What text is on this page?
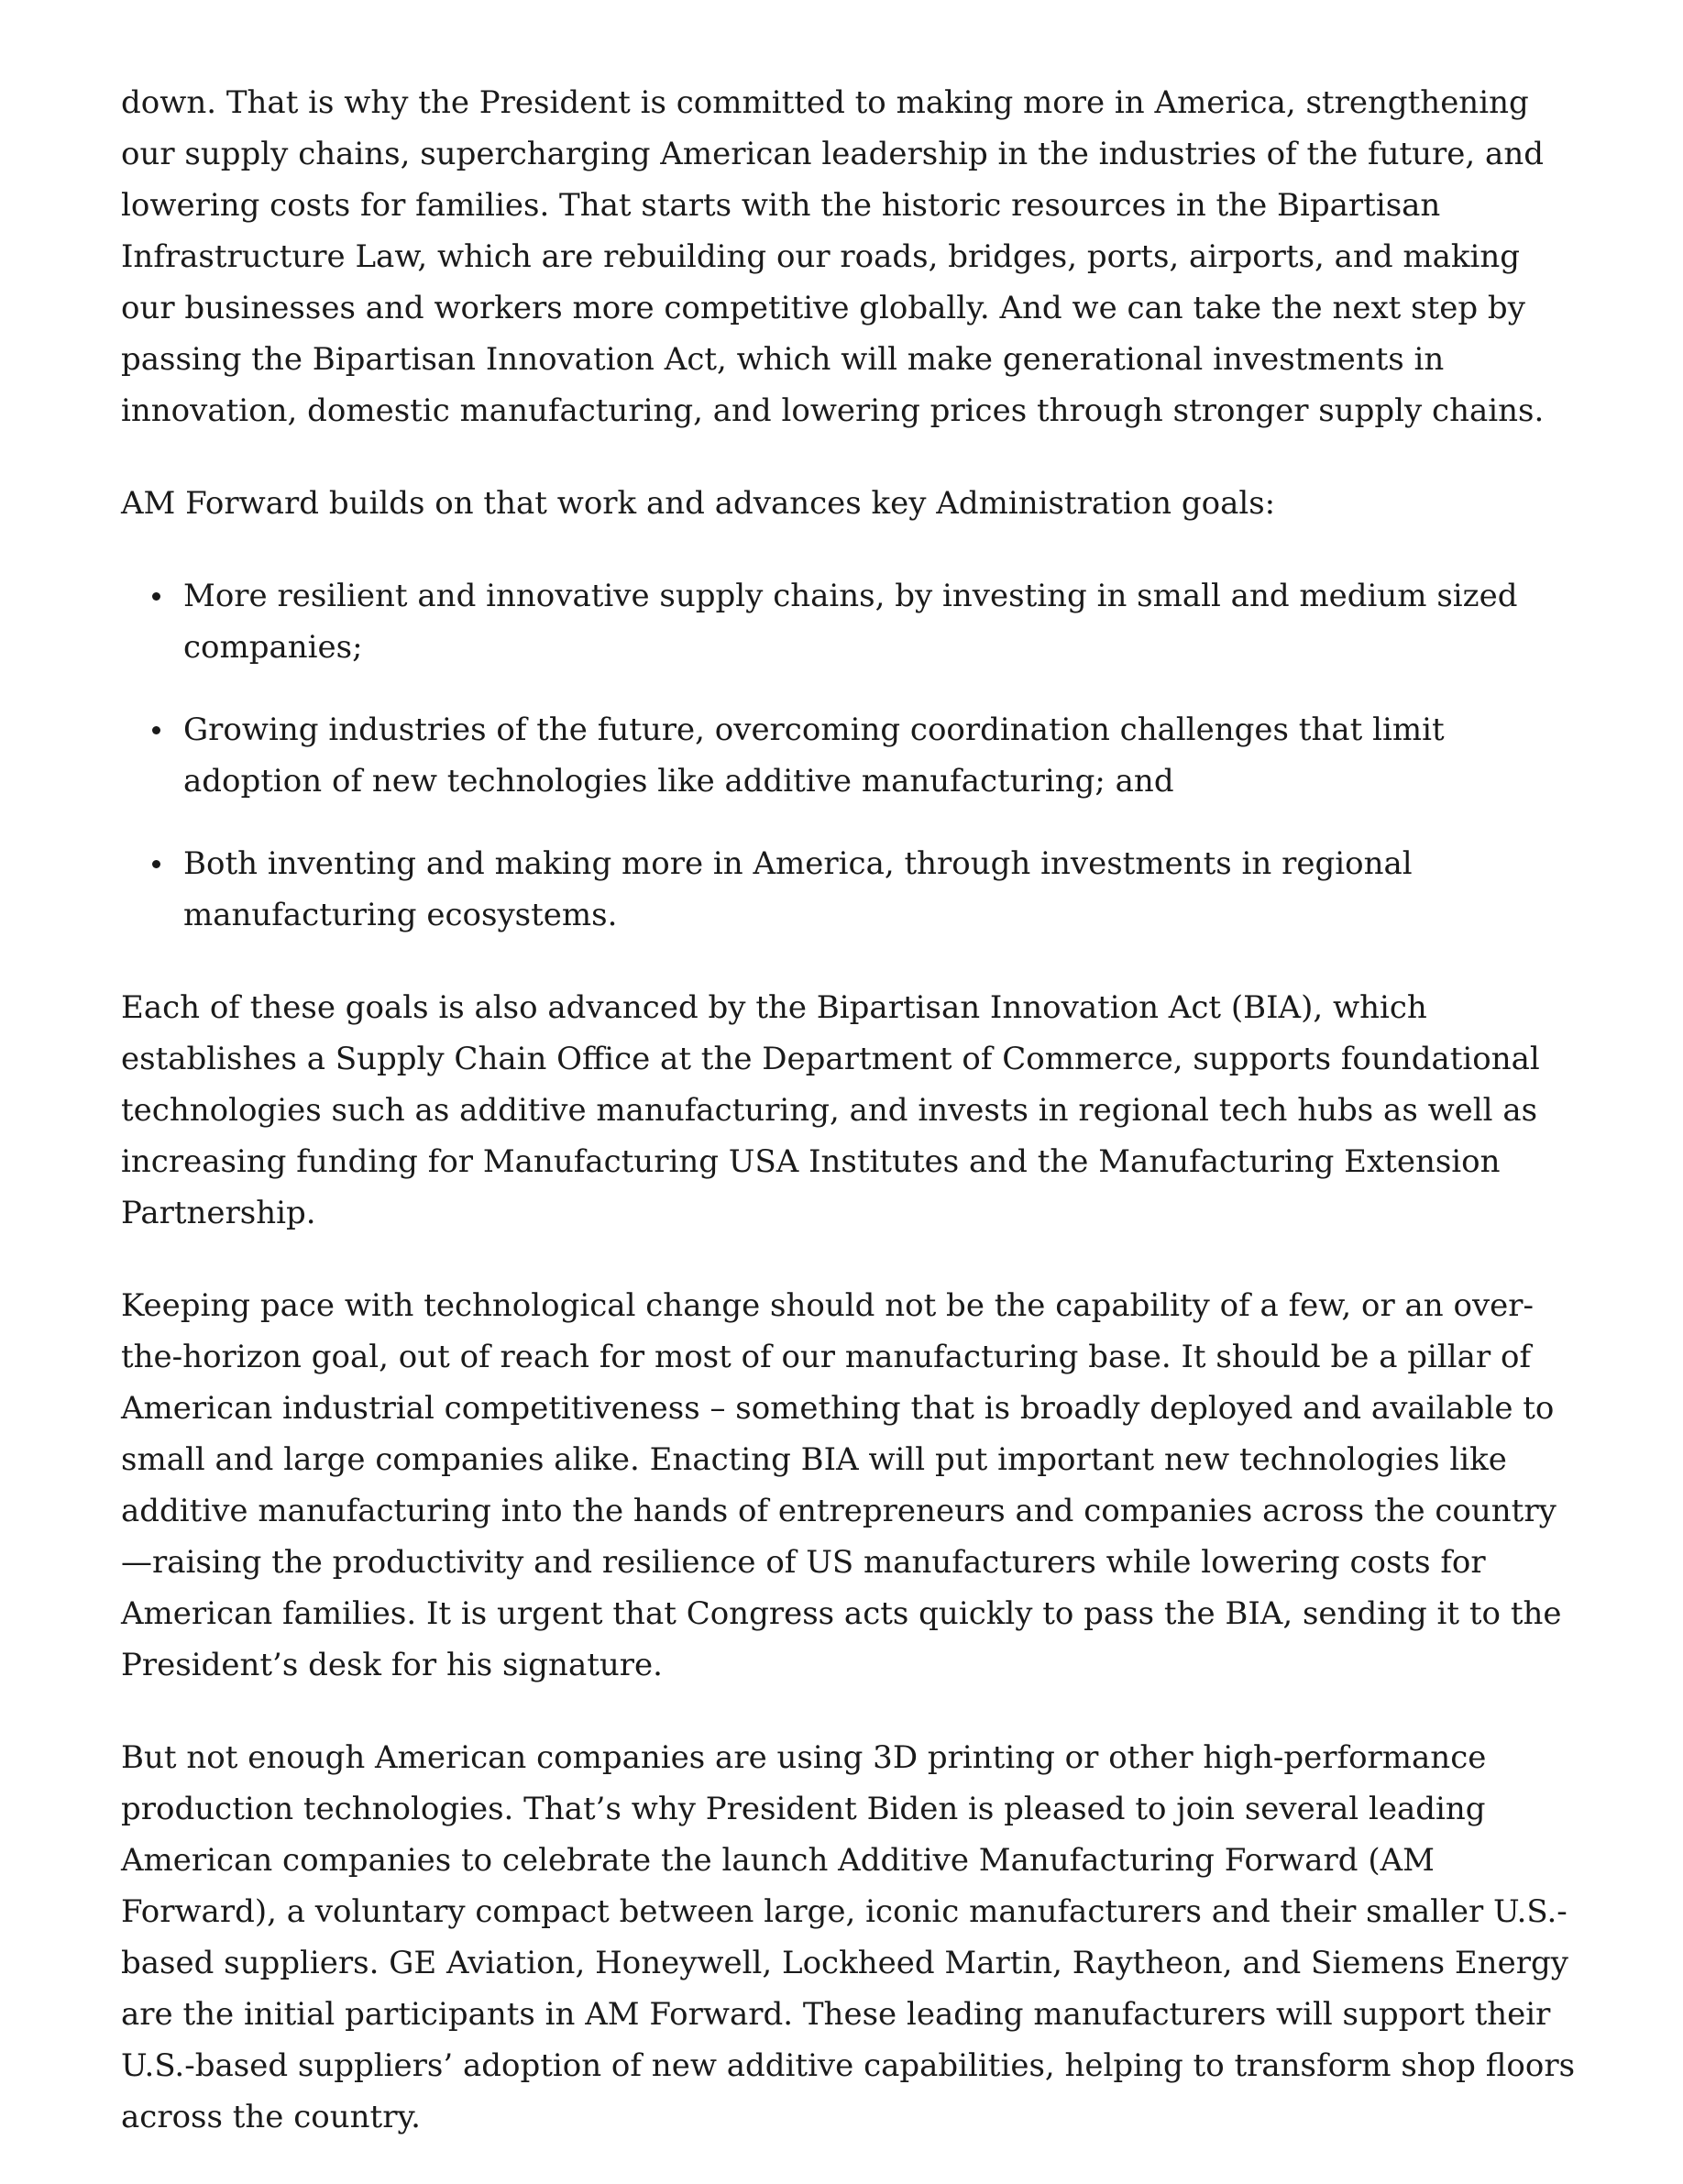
down. That is why the President is committed to making more in America, strengthening our supply chains, supercharging American leadership in the industries of the future, and lowering costs for families. That starts with the historic resources in the Bipartisan Infrastructure Law, which are rebuilding our roads, bridges, ports, airports, and making our businesses and workers more competitive globally. And we can take the next step by passing the Bipartisan Innovation Act, which will make generational investments in innovation, domestic manufacturing, and lowering prices through stronger supply chains.

AM Forward builds on that work and advances key Administration goals:

More resilient and innovative supply chains, by investing in small and medium sized companies;
Growing industries of the future, overcoming coordination challenges that limit adoption of new technologies like additive manufacturing; and
Both inventing and making more in America, through investments in regional manufacturing ecosystems.

Each of these goals is also advanced by the Bipartisan Innovation Act (BIA), which establishes a Supply Chain Office at the Department of Commerce, supports foundational technologies such as additive manufacturing, and invests in regional tech hubs as well as increasing funding for Manufacturing USA Institutes and the Manufacturing Extension Partnership.

Keeping pace with technological change should not be the capability of a few, or an over-the-horizon goal, out of reach for most of our manufacturing base. It should be a pillar of American industrial competitiveness – something that is broadly deployed and available to small and large companies alike. Enacting BIA will put important new technologies like additive manufacturing into the hands of entrepreneurs and companies across the country—raising the productivity and resilience of US manufacturers while lowering costs for American families. It is urgent that Congress acts quickly to pass the BIA, sending it to the President’s desk for his signature.

But not enough American companies are using 3D printing or other high-performance production technologies. That’s why President Biden is pleased to join several leading American companies to celebrate the launch Additive Manufacturing Forward (AM Forward), a voluntary compact between large, iconic manufacturers and their smaller U.S.-based suppliers. GE Aviation, Honeywell, Lockheed Martin, Raytheon, and Siemens Energy are the initial participants in AM Forward. These leading manufacturers will support their U.S.-based suppliers’ adoption of new additive capabilities, helping to transform shop floors across the country.
